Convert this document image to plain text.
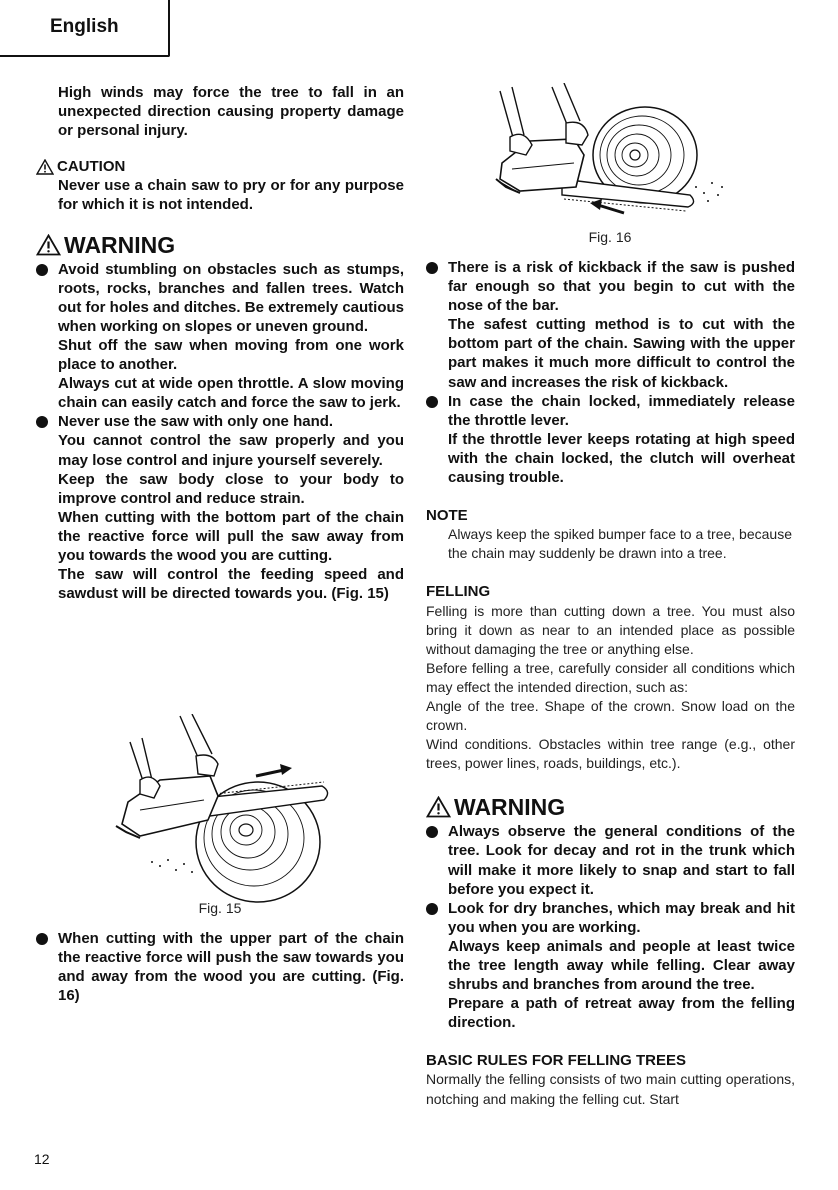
English
High winds may force the tree to fall in an unexpected direction causing property damage or personal injury.
CAUTION
Never use a chain saw to pry or for any purpose for which it is not intended.
WARNING
Avoid stumbling on obstacles such as stumps, roots, rocks, branches and fallen trees. Watch out for holes and ditches. Be extremely cautious when working on slopes or uneven ground.
Shut off the saw when moving from one work place to another.
Always cut at wide open throttle. A slow moving chain can easily catch and force the saw to jerk.
Never use the saw with only one hand.
You cannot control the saw properly and you may lose control and injure yourself severely.
Keep the saw body close to your body to improve control and reduce strain.
When cutting with the bottom part of the chain the reactive force will pull the saw away from you towards the wood you are cutting.
The saw will control the feeding speed and sawdust will be directed towards you. (Fig. 15)
Fig. 15
When cutting with the upper part of the chain the reactive force will push the saw towards you and away from the wood you are cutting. (Fig. 16)
Fig. 16
There is a risk of kickback if the saw is pushed far enough so that you begin to cut with the nose of the bar.
The safest cutting method is to cut with the bottom part of the chain. Sawing with the upper part makes it much more difficult to control the saw and increases the risk of kickback.
In case the chain locked, immediately release the throttle lever.
If the throttle lever keeps rotating at high speed with the chain locked, the clutch will overheat causing trouble.
NOTE
Always keep the spiked bumper face to a tree, because the chain may suddenly be drawn into a tree.
FELLING
Felling is more than cutting down a tree. You must also bring it down as near to an intended place as possible without damaging the tree or anything else.
Before felling a tree, carefully consider all conditions which may effect the intended direction, such as:
Angle of the tree. Shape of the crown. Snow load on the crown.
Wind conditions. Obstacles within tree range (e.g., other trees, power lines, roads, buildings, etc.).
WARNING
Always observe the general conditions of the tree. Look for decay and rot in the trunk which will make it more likely to snap and start to fall before you expect it.
Look for dry branches, which may break and hit you when you are working.
Always keep animals and people at least twice the tree length away while felling. Clear away shrubs and branches from around the tree.
Prepare a path of retreat away from the felling direction.
BASIC RULES FOR FELLING TREES
Normally the felling consists of two main cutting operations, notching and making the felling cut. Start
12
